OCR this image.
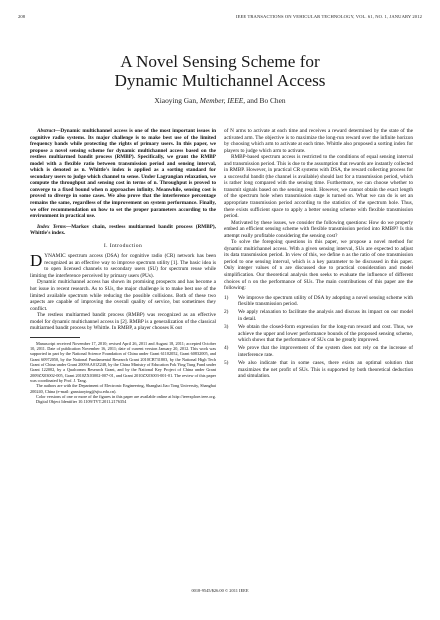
208	IEEE TRANSACTIONS ON VEHICULAR TECHNOLOGY, VOL. 61, NO. 1, JANUARY 2012
A Novel Sensing Scheme for
Dynamic Multichannel Access
Xiaoying Gan, Member, IEEE, and Bo Chen

Abstract—Dynamic multichannel access is one of the most important issues in cognitive radio systems. Its major challenge is to make best use of the limited frequency bands while protecting the rights of primary users. In this paper, we propose a novel sensing scheme for dynamic multichannel access based on the restless multiarmed bandit process (RMBP). Specifically, we grant the RMBP model with a flexible ratio between transmission period and sensing interval, which is denoted as n. Whittle's index is applied as a sorting standard for secondary users to judge which channel to sense. Under Lagrangian relaxation, we compute the throughput and sensing cost in terms of n. Throughput is proved to converge to a fixed bound when n approaches infinity. Meanwhile, sensing cost is proved to diverge in some cases. We also prove that the interference percentage remains the same, regardless of the improvement on system performance. Finally, we offer recommendation on how to set the proper parameters according to the environment in practical use.

Index Terms—Markov chain, restless multiarmed bandit process (RMBP), Whittle's index.

I. Introduction

DYNAMIC spectrum access (DSA) for cognitive radio (CR) network has been recognized as an effective way to improve spectrum utility [1]. The basic idea is to open licensed channels to secondary users (SU) for spectrum reuse while limiting the interference perceived by primary users (PUs).

Dynamic multichannel access has shown its promising prospects and has become a hot issue in recent research. As to SUs, the major challenge is to make best use of the limited available spectrum while reducing the possible collisions. Both of these two aspects are capable of improving the overall quality of service, but sometimes they conflict.

The restless multiarmed bandit process (RMBP) was recognized as an effective model for dynamic multichannel access in [2]. RMBP is a generalization of the classical multiarmed bandit process by Whittle. In RMBP, a player chooses K out

Manuscript received November 17, 2010; revised April 26, 2011 and August 18, 2011; accepted October 10, 2011. Date of publication November 16, 2011; date of current version January 20, 2012. This work was supported in part by the National Science Foundation of China under Grant 61102052, Grant 60832005, and Grant 60972050, by the National Fundamental Research Grant 2010CB731803, by the National High Tech Grant of China under Grant 2009AA01Z248, by the China Ministry of Education Fok Ying Tung Fund under Grant 122002, by a Qualcomm Research Grant, and by the National Key Project of China under Grant 2009ZX03002-005, Grant 2010ZX03002-007-01, and Grant 2010ZX03003-001-01. The review of this paper was coordinated by Prof. J. Tang.

The authors are with the Department of Electronic Engineering, Shanghai Jiao Tong University, Shanghai 200240, China (e-mail: ganxiaoying@sjtu.edu.cn).

Color versions of one or more of the figures in this paper are available online at http://ieeexplore.ieee.org.

Digital Object Identifier 10.1109/TVT.2011.2176354

of N arms to activate at each time and receives a reward determined by the state of the activated arm. The objective is to maximize the long-run reward over the infinite horizon by choosing which arm to activate at each time. Whittle also proposed a sorting index for players to judge which arm to activate.

RMBP-based spectrum access is restricted to the conditions of equal sensing interval and transmission period. This is due to the assumption that rewards are instantly collected in RMBP. However, in practical CR systems with DSA, the reward collecting process for a successful bandit (the channel is available) should last for a transmission period, which is rather long compared with the sensing time. Furthermore, we can choose whether to transmit signals based on the sensing result. However, we cannot obtain the exact length of the spectrum hole when transmission stage is turned on. What we can do is set an appropriate transmission period according to the statistics of the spectrum hole. Thus, there exists sufficient space to apply a better sensing scheme with flexible transmission period.

Motivated by these issues, we consider the following questions: How do we properly embed an efficient sensing scheme with flexible transmission period into RMBP? Is this attempt really profitable considering the sensing cost?

To solve the foregoing questions in this paper, we propose a novel method for dynamic multichannel access. With a given sensing interval, SUs are expected to adjust its data transmission period. In view of this, we define n as the ratio of one transmission period to one sensing interval, which is a key parameter to be discussed in this paper. Only integer values of n are discussed due to practical consideration and model simplification. Our theoretical analysis then seeks to evaluate the influence of different choices of n on the performance of SUs. The main contributions of this paper are the following:

1) We improve the spectrum utility of DSA by adopting a novel sensing scheme with flexible transmission period.
2) We apply relaxation to facilitate the analysis and discuss its impact on our model in detail.
3) We obtain the closed-form expression for the long-run reward and cost. Thus, we achieve the upper and lower performance bounds of the proposed sensing scheme, which shows that the performance of SUs can be greatly improved.
4) We prove that the improvement of the system does not rely on the increase of interference rate.
5) We also indicate that in some cases, there exists an optimal solution that maximizes the net profit of SUs. This is supported by both theoretical deduction and simulation.
0018-9545/$26.00 © 2011 IEEE
